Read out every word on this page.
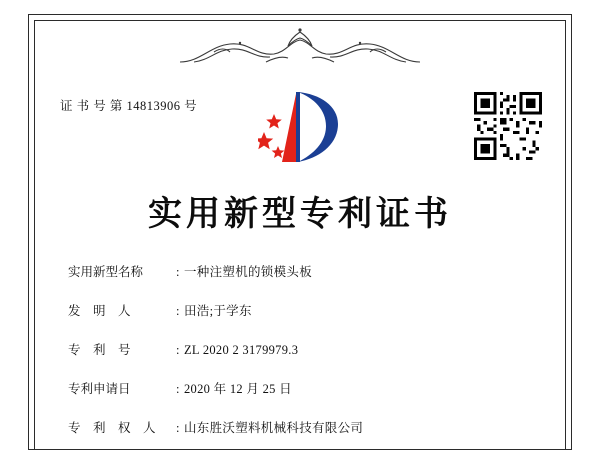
证 书 号 第 14813906 号
实用新型专利证书
实用新型名称	: 一种注塑机的锁模头板
发　明　人	: 田浩;于学东
专　利　号	: ZL 2020 2 3179979.3
专利申请日	: 2020 年 12 月 25 日
专　利　权　人	: 山东胜沃塑料机械科技有限公司
